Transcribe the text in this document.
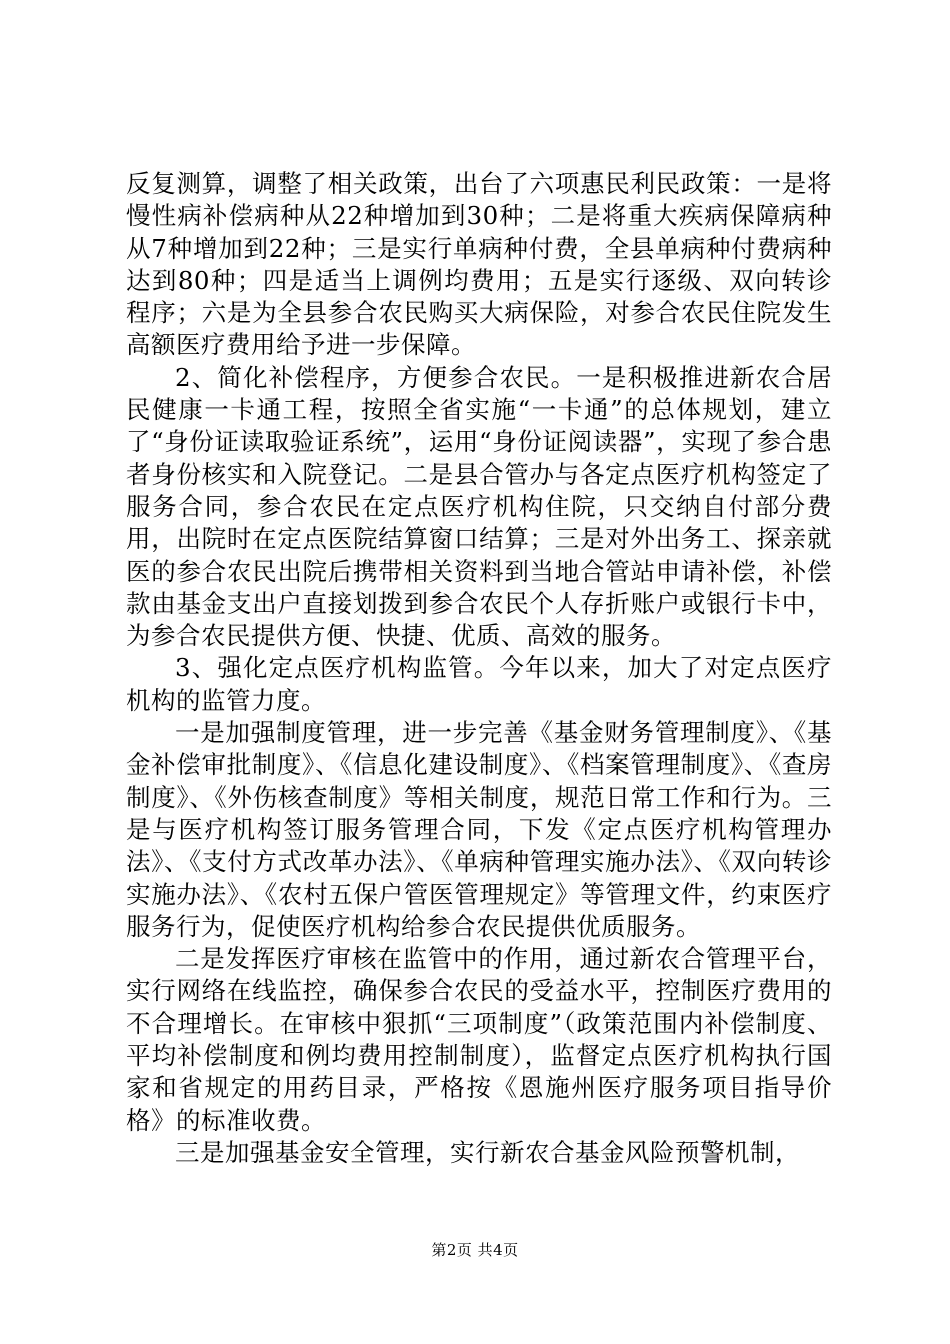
反复测算，调整了相关政策，出台了六项惠民利民政策：一是将慢性病补偿病种从22种增加到30种；二是将重大疾病保障病种从7种增加到22种；三是实行单病种付费，全县单病种付费病种达到80种；四是适当上调例均费用；五是实行逐级、双向转诊程序；六是为全县参合农民购买大病保险，对参合农民住院发生高额医疗费用给予进一步保障。

2、简化补偿程序，方便参合农民。一是积极推进新农合居民健康一卡通工程，按照全省实施“一卡通”的总体规划，建立了“身份证读取验证系统”，运用“身份证阅读器”，实现了参合患者身份核实和入院登记。二是县合管办与各定点医疗机构签定了服务合同，参合农民在定点医疗机构住院，只交纳自付部分费用，出院时在定点医院结算窗口结算；三是对外出务工、探亲就医的参合农民出院后携带相关资料到当地合管站申请补偿，补偿款由基金支出户直接划拨到参合农民个人存折账户或银行卡中，为参合农民提供方便、快捷、优质、高效的服务。

3、强化定点医疗机构监管。今年以来，加大了对定点医疗机构的监管力度。

一是加强制度管理，进一步完善《基金财务管理制度》、《基金补偿审批制度》、《信息化建设制度》、《档案管理制度》、《查房制度》、《外伤核查制度》等相关制度，规范日常工作和行为。三是与医疗机构签订服务管理合同，下发《定点医疗机构管理办法》、《支付方式改革办法》、《单病种管理实施办法》、《双向转诊实施办法》、《农村五保户管医管理规定》等管理文件，约束医疗服务行为，促使医疗机构给参合农民提供优质服务。

二是发挥医疗审核在监管中的作用，通过新农合管理平台，实行网络在线监控，确保参合农民的受益水平，控制医疗费用的不合理增长。在审核中狠抓“三项制度”（政策范围内补偿制度、平均补偿制度和例均费用控制制度），监督定点医疗机构执行国家和省规定的用药目录，严格按《恩施州医疗服务项目指导价格》的标准收费。

三是加强基金安全管理，实行新农合基金风险预警机制，

第2页 共4页
